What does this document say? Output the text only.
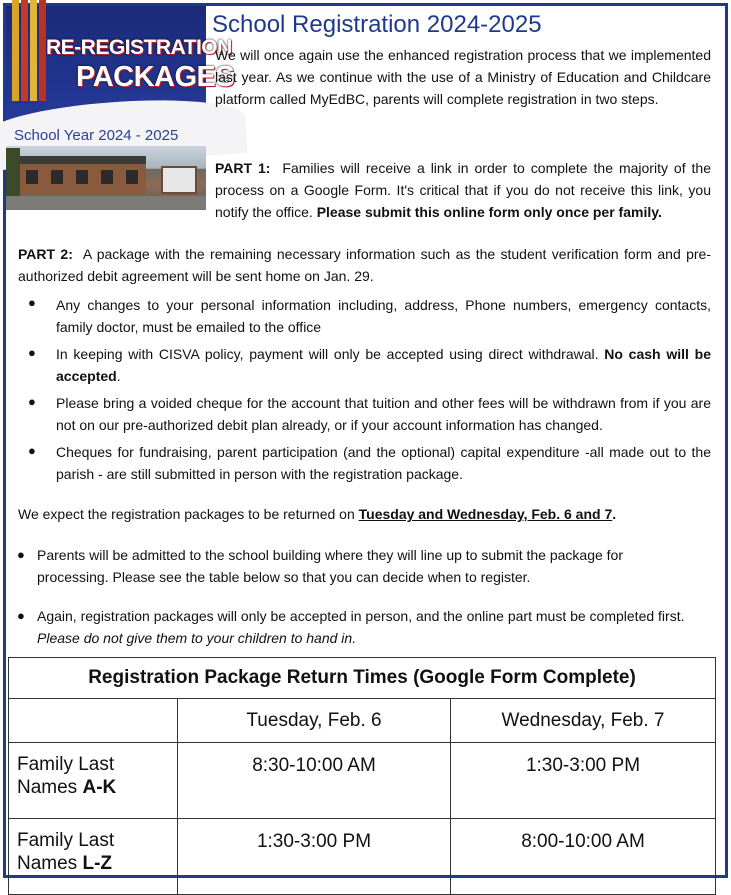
RE-REGISTRATION
PACKAGES
School Year 2024 - 2025
School Registration 2024-2025
We will once again use the enhanced registration process that we implemented last year. As we continue with the use of a Ministry of Education and Childcare platform called MyEdBC, parents will complete registration in two steps.
PART 1: Families will receive a link in order to complete the majority of the process on a Google Form. It's critical that if you do not receive this link, you notify the office. Please submit this online form only once per family.
PART 2: A package with the remaining necessary information such as the student verification form and pre-authorized debit agreement will be sent home on Jan. 29.
● Any changes to your personal information including, address, Phone numbers, emergency contacts, family doctor, must be emailed to the office
● In keeping with CISVA policy, payment will only be accepted using direct withdrawal. No cash will be accepted.
● Please bring a voided cheque for the account that tuition and other fees will be withdrawn from if you are not on our pre-authorized debit plan already, or if your account information has changed.
● Cheques for fundraising, parent participation (and the optional) capital expenditure -all made out to the parish - are still submitted in person with the registration package.
We expect the registration packages to be returned on Tuesday and Wednesday, Feb. 6 and 7.
● Parents will be admitted to the school building where they will line up to submit the package for processing. Please see the table below so that you can decide when to register.
● Again, registration packages will only be accepted in person, and the online part must be completed first. Please do not give them to your children to hand in.
Registration Package Return Times (Google Form Complete)		
	Tuesday, Feb. 6	Wednesday, Feb. 7
Family Last Names A-K	8:30-10:00 AM	1:30-3:00 PM
Family Last Names L-Z	1:30-3:00 PM	8:00-10:00 AM
